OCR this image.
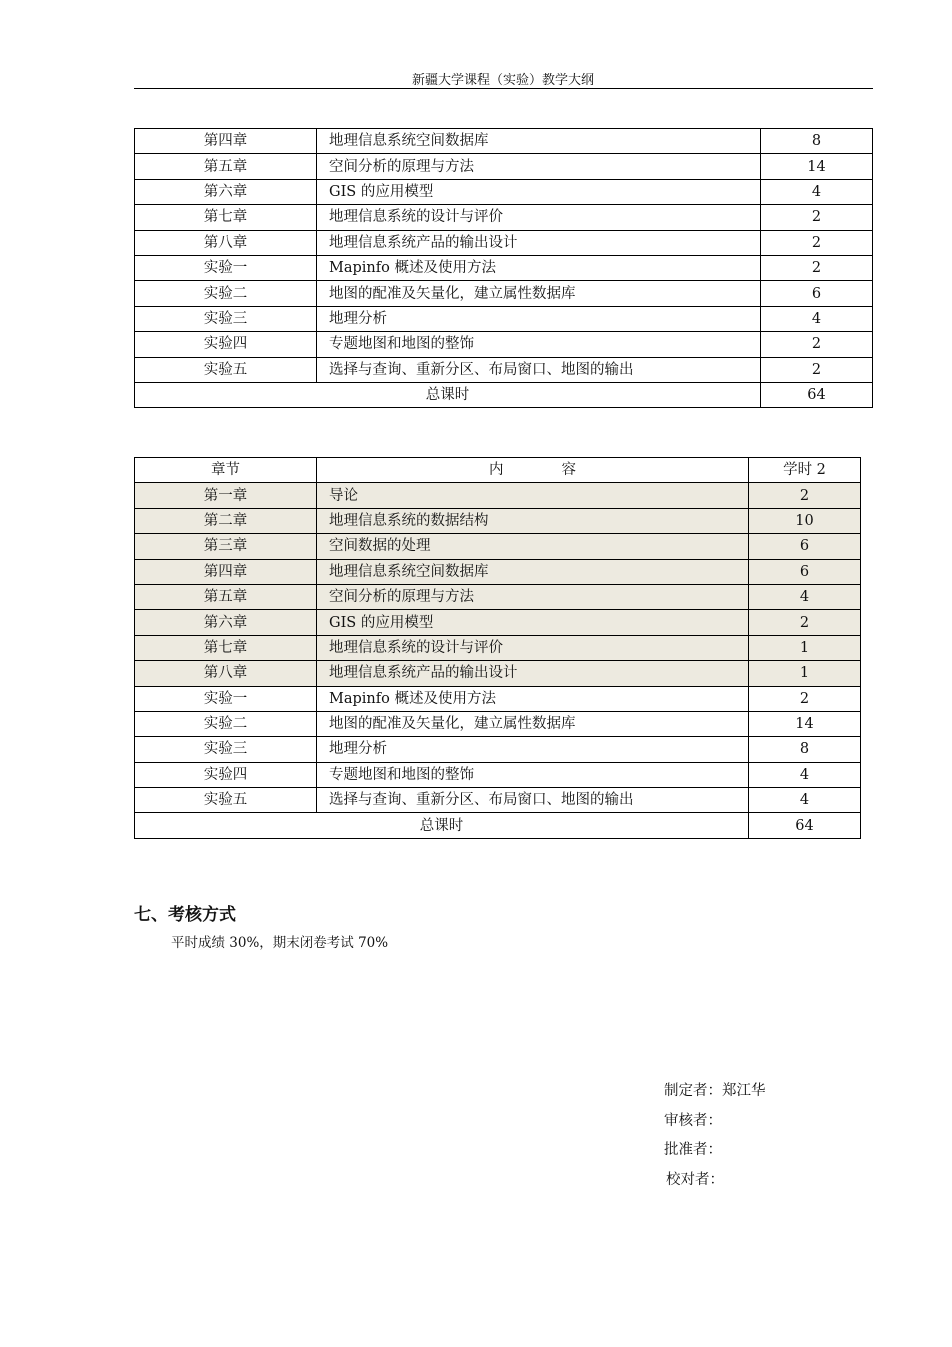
新疆大学课程（实验）教学大纲
第四章	地理信息系统空间数据库	8
第五章	空间分析的原理与方法	14
第六章	GIS 的应用模型	4
第七章	地理信息系统的设计与评价	2
第八章	地理信息系统产品的输出设计	2
实验一	Mapinfo 概述及使用方法	2
实验二	地图的配准及矢量化，建立属性数据库	6
实验三	地理分析	4
实验四	专题地图和地图的整饰	2
实验五	选择与查询、重新分区、布局窗口、地图的输出	2
总课时		64
章节	内　　　　容	学时 2
第一章	导论	2
第二章	地理信息系统的数据结构	10
第三章	空间数据的处理	6
第四章	地理信息系统空间数据库	6
第五章	空间分析的原理与方法	4
第六章	GIS 的应用模型	2
第七章	地理信息系统的设计与评价	1
第八章	地理信息系统产品的输出设计	1
实验一	Mapinfo 概述及使用方法	2
实验二	地图的配准及矢量化，建立属性数据库	14
实验三	地理分析	8
实验四	专题地图和地图的整饰	4
实验五	选择与查询、重新分区、布局窗口、地图的输出	4
总课时		64
七、考核方式
平时成绩 30%，期末闭卷考试 70%
制定者：郑江华
审核者：
批准者：
校对者：
